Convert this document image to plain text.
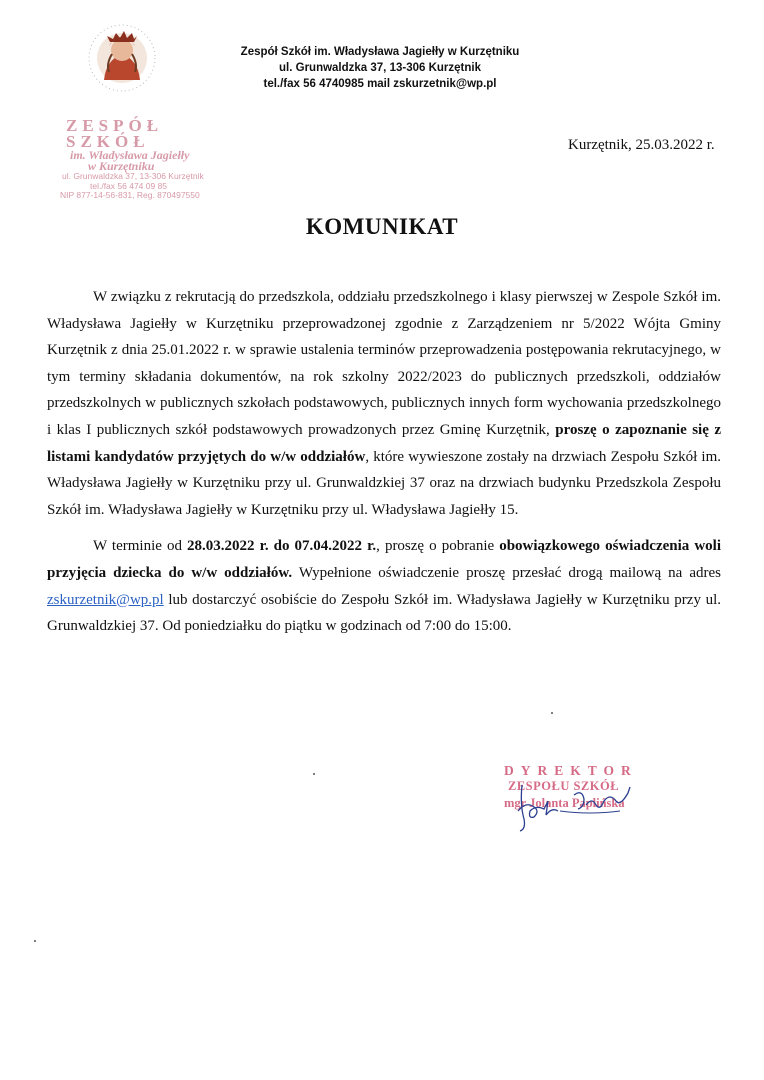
Zespół Szkół im. Władysława Jagiełły w Kurzętniku
ul. Grunwaldzka 37, 13-306 Kurzętnik
tel./fax 56 4740985 mail zskurzetnik@wp.pl
ZESPÓŁ SZKÓŁ
im. Władysława Jagiełły
w Kurzętniku
ul. Grunwaldzka 37, 13-306 Kurzętnik
tel./fax 56 474 09 85
NIP 877-14-56-831, Reg. 870497550
Kurzętnik, 25.03.2022 r.
KOMUNIKAT

W związku z rekrutacją do przedszkola, oddziału przedszkolnego i klasy pierwszej w Zespole Szkół im. Władysława Jagiełły w Kurzętniku przeprowadzonej zgodnie z Zarządzeniem nr 5/2022 Wójta Gminy Kurzętnik z dnia 25.01.2022 r. w sprawie ustalenia terminów przeprowadzenia postępowania rekrutacyjnego, w tym terminy składania dokumentów, na rok szkolny 2022/2023 do publicznych przedszkoli, oddziałów przedszkolnych w publicznych szkołach podstawowych, publicznych innych form wychowania przedszkolnego i klas I publicznych szkół podstawowych prowadzonych przez Gminę Kurzętnik, proszę o zapoznanie się z listami kandydatów przyjętych do w/w oddziałów, które wywieszone zostały na drzwiach Zespołu Szkół im. Władysława Jagiełły w Kurzętniku przy ul. Grunwaldzkiej 37 oraz na drzwiach budynku Przedszkola Zespołu Szkół im. Władysława Jagiełły w Kurzętniku przy ul. Władysława Jagiełły 15.

W terminie od 28.03.2022 r. do 07.04.2022 r., proszę o pobranie obowiązkowego oświadczenia woli przyjęcia dziecka do w/w oddziałów. Wypełnione oświadczenie proszę przesłać drogą mailową na adres zskurzetnik@wp.pl lub dostarczyć osobiście do Zespołu Szkół im. Władysława Jagiełły w Kurzętniku przy ul. Grunwaldzkiej 37. Od poniedziałku do piątku w godzinach od 7:00 do 15:00.

DYREKTOR
ZESPOŁU SZKÓŁ
mgr Jolanta Paplińska
